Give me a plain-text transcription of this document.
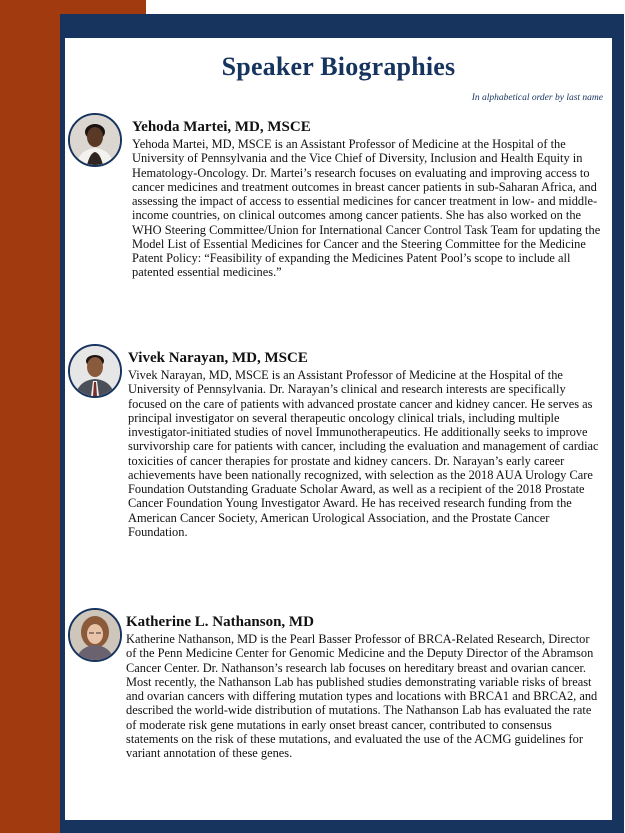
Speaker Biographies

In alphabetical order by last name

Yehoda Martei, MD, MSCE

Yehoda Martei, MD, MSCE is an Assistant Professor of Medicine at the Hospital of the University of Pennsylvania and the Vice Chief of Diversity, Inclusion and Health Equity in Hematology-Oncology. Dr. Martei’s research focuses on evaluating and improving access to cancer medicines and treatment outcomes in breast cancer patients in sub-Saharan Africa, and assessing the impact of access to essential medicines for cancer treatment in low- and middle-income countries, on clinical outcomes among cancer patients. She has also worked on the WHO Steering Committee/Union for International Cancer Control Task Team for updating the Model List of Essential Medicines for Cancer and the Steering Committee for the Medicine Patent Policy: “Feasibility of expanding the Medicines Patent Pool’s scope to include all patented essential medicines.”

Vivek Narayan, MD, MSCE

Vivek Narayan, MD, MSCE is an Assistant Professor of Medicine at the Hospital of the University of Pennsylvania. Dr. Narayan’s clinical and research interests are specifically focused on the care of patients with advanced prostate cancer and kidney cancer. He serves as principal investigator on several therapeutic oncology clinical trials, including multiple investigator-initiated studies of novel Immunotherapeutics. He additionally seeks to improve survivorship care for patients with cancer, including the evaluation and management of cardiac toxicities of cancer therapies for prostate and kidney cancers. Dr. Narayan’s early career achievements have been nationally recognized, with selection as the 2018 AUA Urology Care Foundation Outstanding Graduate Scholar Award, as well as a recipient of the 2018 Prostate Cancer Foundation Young Investigator Award. He has received research funding from the American Cancer Society, American Urological Association, and the Prostate Cancer Foundation.

Katherine L. Nathanson, MD

Katherine Nathanson, MD is the Pearl Basser Professor of BRCA-Related Research, Director of the Penn Medicine Center for Genomic Medicine and the Deputy Director of the Abramson Cancer Center. Dr. Nathanson’s research lab focuses on hereditary breast and ovarian cancer. Most recently, the Nathanson Lab has published studies demonstrating variable risks of breast and ovarian cancers with differing mutation types and locations with BRCA1 and BRCA2, and described the world-wide distribution of mutations. The Nathanson Lab has evaluated the rate of moderate risk gene mutations in early onset breast cancer, contributed to consensus statements on the risk of these mutations, and evaluated the use of the ACMG guidelines for variant annotation of these genes.
